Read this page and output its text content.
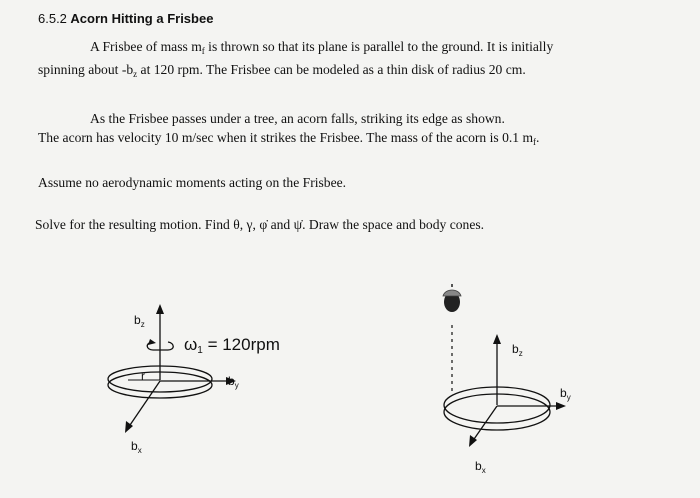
6.5.2 Acorn Hitting a Frisbee
A Frisbee of mass $m_f$ is thrown so that its plane is parallel to the ground. It is initially
spinning about $-b_z$ at 120 rpm. The Frisbee can be modeled as a thin disk of radius 20 cm.
As the Frisbee passes under a tree, an acorn falls, striking its edge as shown.
The acorn has velocity 10 m/sec when it strikes the Frisbee. The mass of the acorn is 0.1 $m_f$.
Assume no aerodynamic moments acting on the Frisbee.
Solve for the resulting motion. Find θ, γ, φ̇ and ψ̇. Draw the space and body cones.
$b_z$
ω1 = 120rpm
r	$b_y$
$b_x$
$b_z$
$b_y$
$b_x$
